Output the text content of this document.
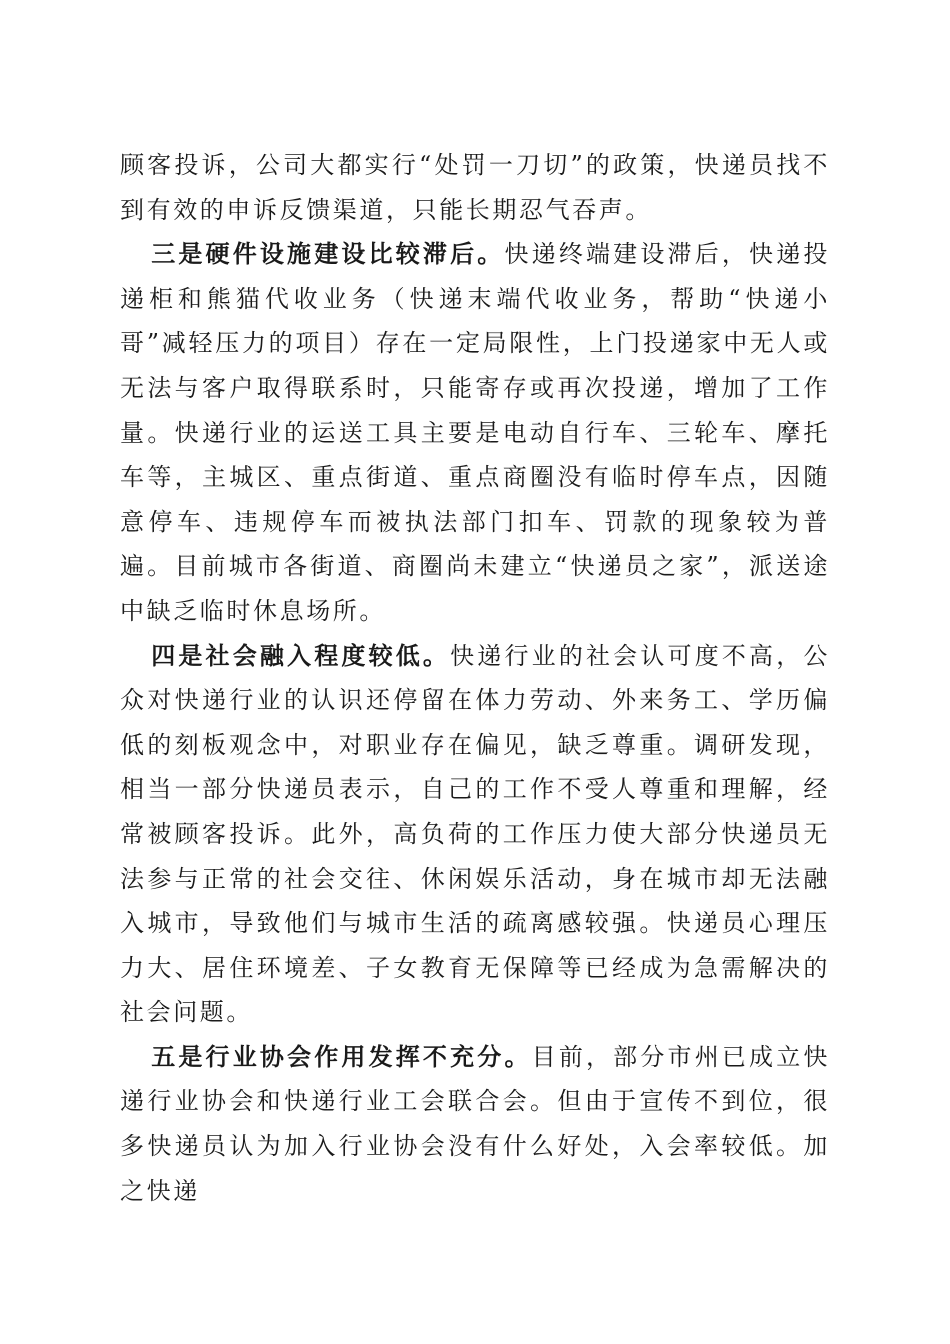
顾客投诉，公司大都实行“处罚一刀切”的政策，快递员找不到有效的申诉反馈渠道，只能长期忍气吞声。

三是硬件设施建设比较滞后。快递终端建设滞后，快递投递柜和熊猫代收业务（快递末端代收业务，帮助“快递小哥”减轻压力的项目）存在一定局限性，上门投递家中无人或无法与客户取得联系时，只能寄存或再次投递，增加了工作量。快递行业的运送工具主要是电动自行车、三轮车、摩托车等，主城区、重点街道、重点商圈没有临时停车点，因随意停车、违规停车而被执法部门扣车、罚款的现象较为普遍。目前城市各街道、商圈尚未建立“快递员之家”，派送途中缺乏临时休息场所。

四是社会融入程度较低。快递行业的社会认可度不高，公众对快递行业的认识还停留在体力劳动、外来务工、学历偏低的刻板观念中，对职业存在偏见，缺乏尊重。调研发现，相当一部分快递员表示，自己的工作不受人尊重和理解，经常被顾客投诉。此外，高负荷的工作压力使大部分快递员无法参与正常的社会交往、休闲娱乐活动，身在城市却无法融入城市，导致他们与城市生活的疏离感较强。快递员心理压力大、居住环境差、子女教育无保障等已经成为急需解决的社会问题。

五是行业协会作用发挥不充分。目前，部分市州已成立快递行业协会和快递行业工会联合会。但由于宣传不到位，很多快递员认为加入行业协会没有什么好处，入会率较低。加之快递
